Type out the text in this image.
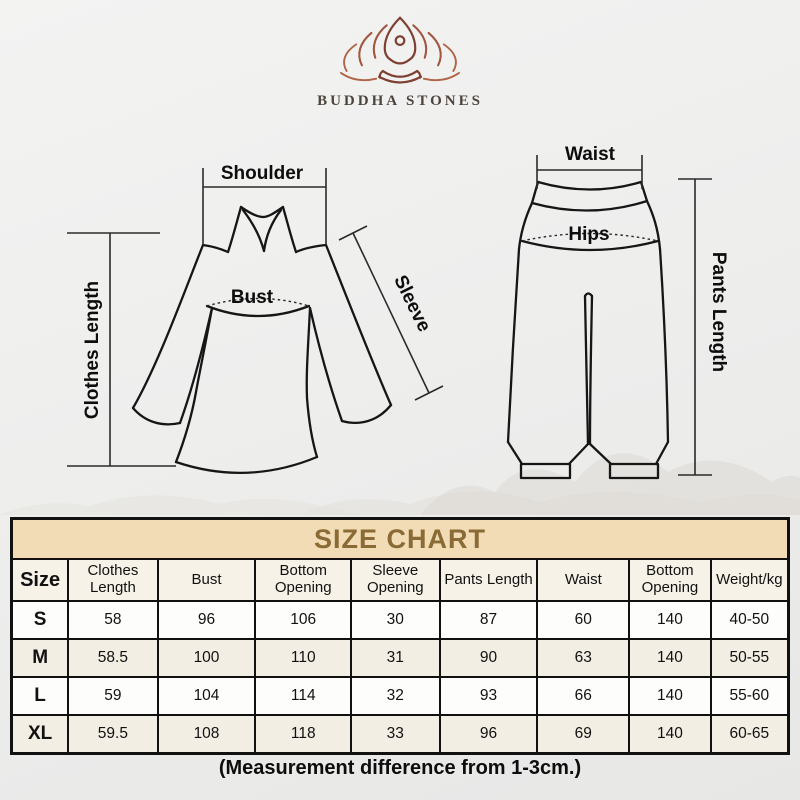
BUDDHA STONES
Shoulder
Clothes Length	Bust	Sleeve
Waist
Hips
Pants Length
SIZE CHART								
Size	Clothes Length	Bust	Bottom Opening	Sleeve Opening	Pants Length	Waist	Bottom Opening	Weight/kg
S	58	96	106	30	87	60	140	40-50
M	58.5	100	110	31	90	63	140	50-55
L	59	104	114	32	93	66	140	55-60
XL	59.5	108	118	33	96	69	140	60-65
(Measurement difference from 1-3cm.)
